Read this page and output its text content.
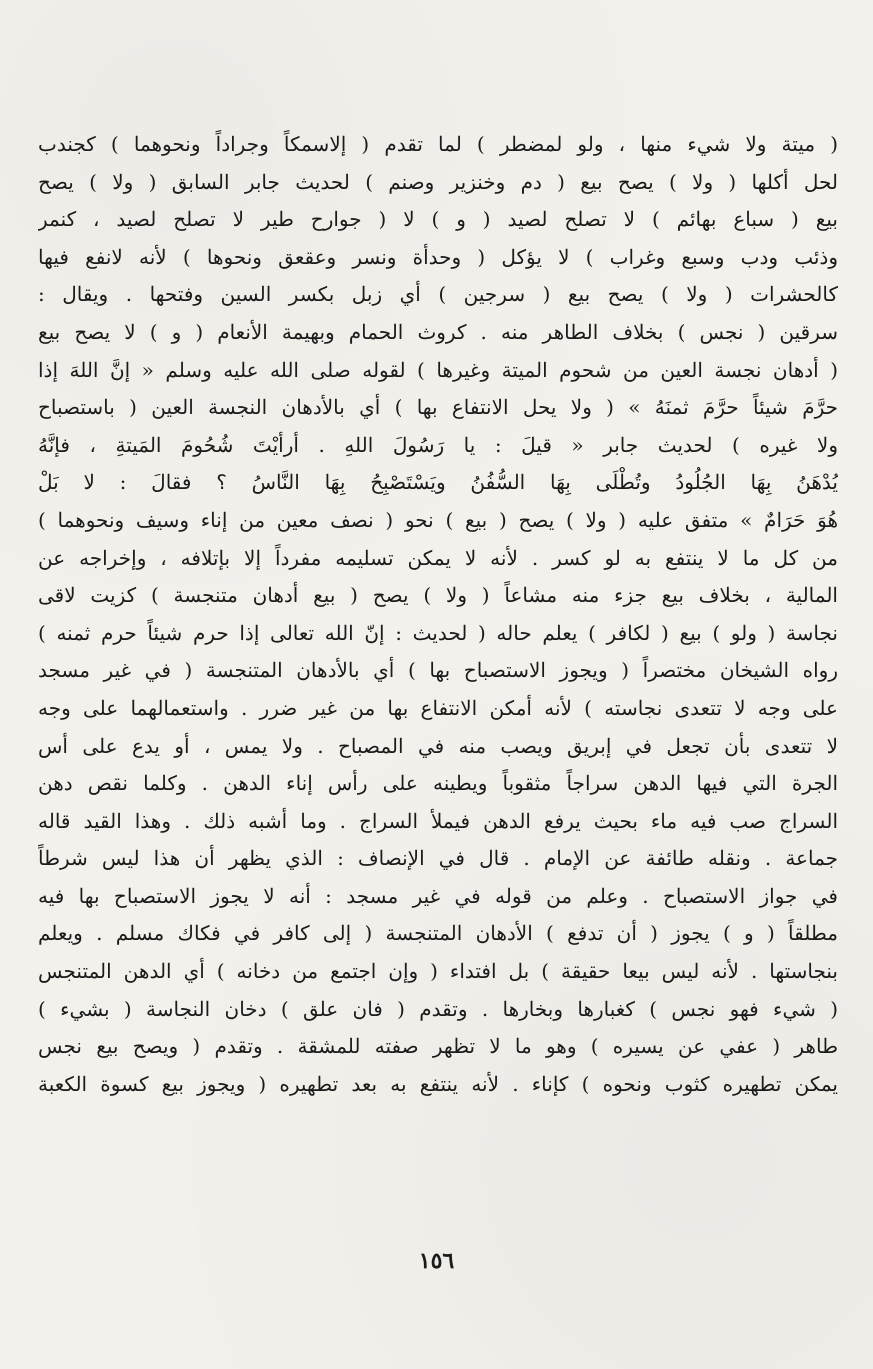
( ميتة ولا شيء منها ، ولو لمضطر ) لما تقدم ( إلاسمكاً وجراداً ونحوهما ) كجندب
لحل أكلها ( ولا ) يصح بيع ( دم وخنزير وصنم ) لحديث جابر السابق ( ولا ) يصح
بيع ( سباع بهائم ) لا تصلح لصيد ( و ) لا ( جوارح طير لا تصلح لصيد ، كنمر
وذئب ودب وسبع وغراب ) لا يؤكل ( وحدأة ونسر وعقعق ونحوها ) لأنه لانفع فيها
كالحشرات ( ولا ) يصح بيع ( سرجين ) أي زبل بكسر السين وفتحها . ويقال :
سرقين ( نجس ) بخلاف الطاهر منه . كروث الحمام وبهيمة الأنعام ( و ) لا يصح بيع
( أدهان نجسة العين من شحوم الميتة وغيرها ) لقوله صلى الله عليه وسلم « إنَّ اللهَ إذا
حرَّمَ شيئاً حرَّمَ ثمنَهُ » ( ولا يحل الانتفاع بها ) أي بالأدهان النجسة العين ( باستصباح
ولا غيره ) لحديث جابر « قيلَ : يا رَسُولَ اللهِ . أرأيْتَ شُحُومَ المَيتةِ ، فإنَّهُ
يُدْهَنُ بِهَا الجُلُودُ وتُطْلَى بِهَا السُّفُنُ ويَسْتَصْبِحُ بِهَا النَّاسُ ؟ فقالَ : لا بَلْ
هُوَ حَرَامٌ » متفق عليه ( ولا ) يصح ( بيع ) نحو ( نصف معين من إناء وسيف ونحوهما )
من كل ما لا ينتفع به لو كسر . لأنه لا يمكن تسليمه مفرداً إلا بإتلافه ، وإخراجه عن
المالية ، بخلاف بيع جزء منه مشاعاً ( ولا ) يصح ( بيع أدهان متنجسة ) كزيت لاقى
نجاسة ( ولو ) بيع ( لكافر ) يعلم حاله ( لحديث : إنّ الله تعالى إذا حرم شيئاً حرم ثمنه )
رواه الشيخان مختصراً ( ويجوز الاستصباح بها ) أي بالأدهان المتنجسة ( في غير مسجد
على وجه لا تتعدى نجاسته ) لأنه أمكن الانتفاع بها من غير ضرر . واستعمالهما على وجه
لا تتعدى بأن تجعل في إبريق ويصب منه في المصباح . ولا يمس ، أو يدع على أس
الجرة التي فيها الدهن سراجاً مثقوباً ويطينه على رأس إناء الدهن . وكلما نقص دهن
السراج صب فيه ماء بحيث يرفع الدهن فيملأ السراج . وما أشبه ذلك . وهذا القيد قاله
جماعة . ونقله طائفة عن الإمام . قال في الإنصاف : الذي يظهر أن هذا ليس شرطاً
في جواز الاستصباح . وعلم من قوله في غير مسجد : أنه لا يجوز الاستصباح بها فيه
مطلقاً ( و ) يجوز ( أن تدفع ) الأدهان المتنجسة ( إلى كافر في فكاك مسلم . ويعلم
بنجاستها . لأنه ليس بيعا حقيقة ) بل افتداء ( وإن اجتمع من دخانه ) أي الدهن المتنجس
( شيء فهو نجس ) كغبارها وبخارها . وتقدم ( فان علق ) دخان النجاسة ( بشيء )
طاهر ( عفي عن يسيره ) وهو ما لا تظهر صفته للمشقة . وتقدم ( ويصح بيع نجس
يمكن تطهيره كثوب ونحوه ) كإناء . لأنه ينتفع به بعد تطهيره ( ويجوز بيع كسوة الكعبة
١٥٦
